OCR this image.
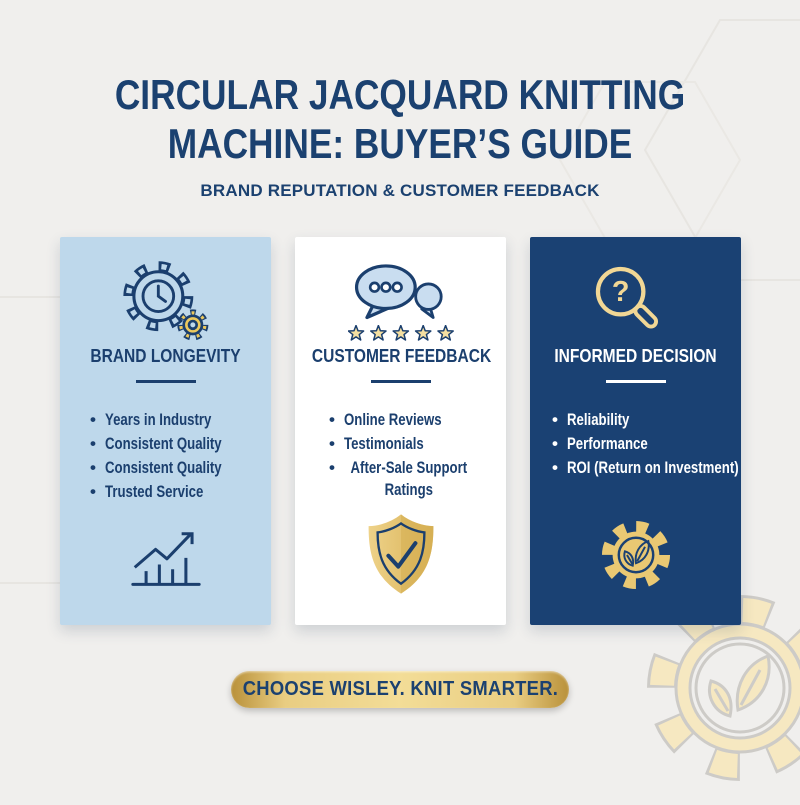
CIRCULAR JACQUARD KNITTING
MACHINE: BUYER’S GUIDE
BRAND REPUTATION & CUSTOMER FEEDBACK
BRAND LONGEVITY
• Years in Industry
• Consistent Quality
• Consistent Quality
• Trusted Service
CUSTOMER FEEDBACK
• Online Reviews
• Testimonials
• After-Sale Support Ratings
?
INFORMED DECISION
• Reliability
• Performance
• ROI (Return on Investment)
CHOOSE WISLEY. KNIT SMARTER.
